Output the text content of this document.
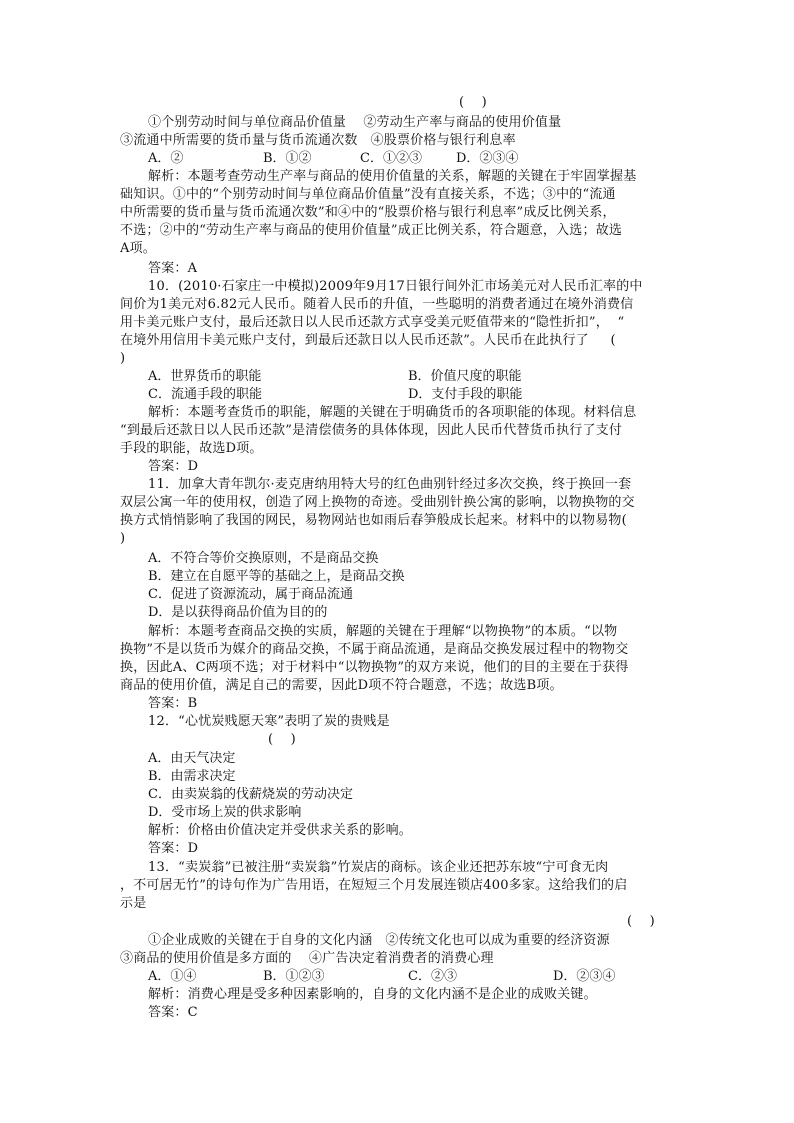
(    )
①个别劳动时间与单位商品价值量    ②劳动生产率与商品的使用价值量
③流通中所需要的货币量与货币流通次数   ④股票价格与银行利息率
A．②	B．①②	C．①②③	D．②③④
解析：本题考查劳动生产率与商品的使用价值量的关系，解题的关键在于牢固掌握基
础知识。①中的“个别劳动时间与单位商品价值量”没有直接关系，不选；③中的“流通
中所需要的货币量与货币流通次数”和④中的“股票价格与银行利息率”成反比例关系，
不选；②中的“劳动生产率与商品的使用价值量”成正比例关系，符合题意，入选；故选
A项。
答案：A
10．(2010·石家庄一中模拟)2009年9月17日银行间外汇市场美元对人民币汇率的中
间价为1美元对6.82元人民币。随着人民币的升值，一些聪明的消费者通过在境外消费信
用卡美元账户支付，最后还款日以人民币还款方式享受美元贬值带来的“隐性折扣”，  “
在境外用信用卡美元账户支付，到最后还款日以人民币还款”。人民币在此执行了     (
)
A．世界货币的职能	B．价值尺度的职能
C．流通手段的职能	D．支付手段的职能
解析：本题考查货币的职能，解题的关键在于明确货币的各项职能的体现。材料信息
“到最后还款日以人民币还款”是清偿债务的具体体现，因此人民币代替货币执行了支付
手段的职能，故选D项。
答案：D
11．加拿大青年凯尔·麦克唐纳用特大号的红色曲别针经过多次交换，终于换回一套
双层公寓一年的使用权，创造了网上换物的奇迹。受曲别针换公寓的影响，以物换物的交
换方式悄悄影响了我国的网民，易物网站也如雨后春笋般成长起来。材料中的以物易物(
)
A．不符合等价交换原则，不是商品交换
B．建立在自愿平等的基础之上，是商品交换
C．促进了资源流动，属于商品流通
D．是以获得商品价值为目的的
解析：本题考查商品交换的实质，解题的关键在于理解“以物换物”的本质。“以物
换物”不是以货币为媒介的商品交换，不属于商品流通，是商品交换发展过程中的物物交
换，因此A、C两项不选；对于材料中“以物换物”的双方来说，他们的目的主要在于获得
商品的使用价值，满足自己的需要，因此D项不符合题意，不选；故选B项。
答案：B
12．“心忧炭贱愿天寒”表明了炭的贵贱是
(    )
A．由天气决定
B．由需求决定
C．由卖炭翁的伐薪烧炭的劳动决定
D．受市场上炭的供求影响
解析：价格由价值决定并受供求关系的影响。
答案：D
13．“卖炭翁”已被注册“卖炭翁”竹炭店的商标。该企业还把苏东坡“宁可食无肉
，不可居无竹”的诗句作为广告用语，在短短三个月发展连锁店400多家。这给我们的启
示是
(    )
①企业成败的关键在于自身的文化内涵   ②传统文化也可以成为重要的经济资源
③商品的使用价值是多方面的    ④广告决定着消费者的消费心理
A．①④	B．①②③	C．②③	D．②③④
解析：消费心理是受多种因素影响的，自身的文化内涵不是企业的成败关键。
答案：C
